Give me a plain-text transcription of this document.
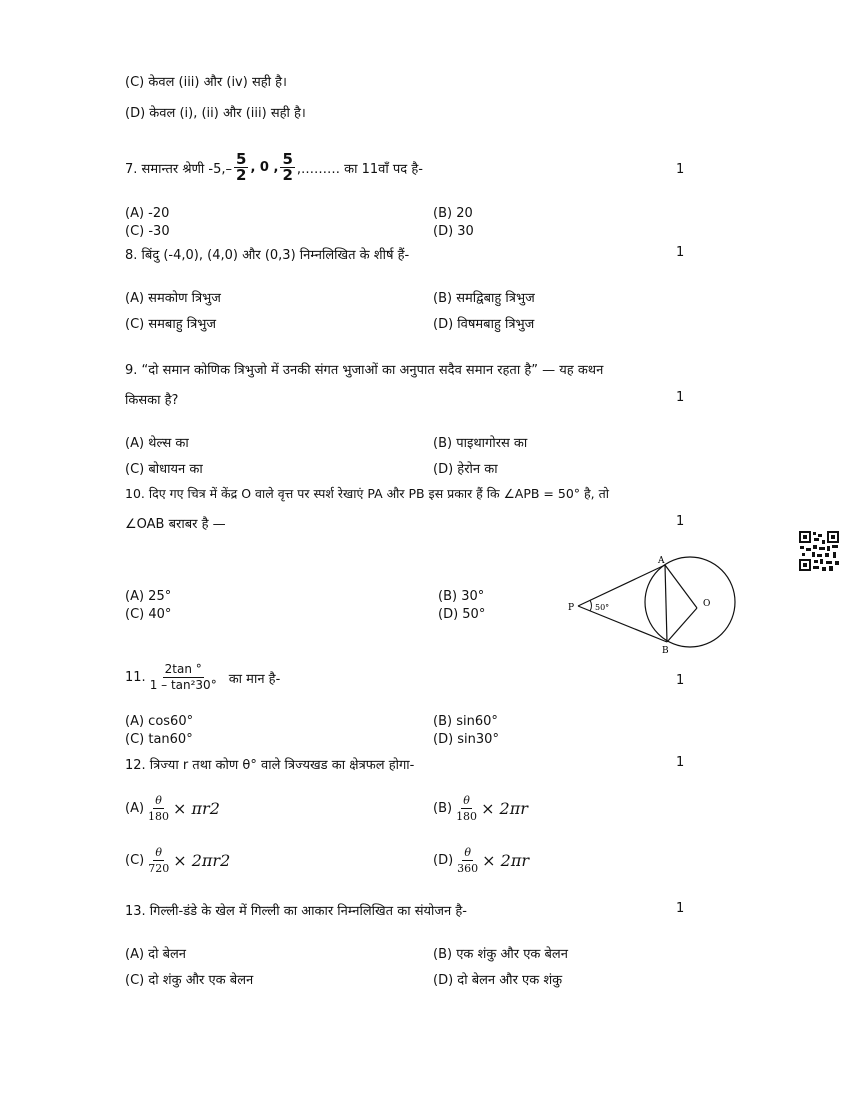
(C) केवल (iii) और (iv) सही है।
(D) केवल (i), (ii) और (iii) सही है।
7. समान्तर श्रेणी $-5,- \frac{5}{2}$ , 0 , $\frac{5}{2}$ ,……… का 11वाँ पद है-	1
(A) -20	(B) 20
(C) -30	(D) 30
8. बिंदु (-4,0), (4,0) और (0,3) निम्नलिखित के शीर्ष हैं-	1
(A) समकोण त्रिभुज	(B) समद्विबाहु त्रिभुज
(C) समबाहु त्रिभुज	(D) विषमबाहु त्रिभुज
9. “दो समान कोणिक त्रिभुजो में उनकी संगत भुजाओं का अनुपात सदैव समान रहता है” — यह कथन
किसका है?	1
(A) थेल्स का	(B) पाइथागोरस का
(C) बोधायन का	(D) हेरोन का
10. दिए गए चित्र में केंद्र O वाले वृत्त पर स्पर्श रेखाएं PA और PB इस प्रकार हैं कि ∠APB = 50° है, तो
∠OAB बराबर है —	1
(A) 25°	(B) 30°
(C) 40°	(D) 50°
A
B
P	O
50°
11. $\frac{2\tan ^\circ}{\text{1 – tan²30°}}$ का मान है-	1
(A) cos60°	(B) sin60°
(C) tan60°	(D) sin30°
12. त्रिज्या r तथा कोण θ° वाले त्रिज्यखड का क्षेत्रफल होगा-	1
$(A) \frac{\theta}{180} \times \pi r$ 2	$(B) \frac{\theta}{180} \times 2\pi r$
$(C) \frac{\theta}{720} \times 2\pi r$ 2	$(D) \frac{\theta}{360} \times 2\pi r$
13. गिल्ली-डंडे के खेल में गिल्ली का आकार निम्नलिखित का संयोजन है-	1
(A) दो बेलन	(B) एक शंकु और एक बेलन
(C) दो शंकु और एक बेलन	(D) दो बेलन और एक शंकु
